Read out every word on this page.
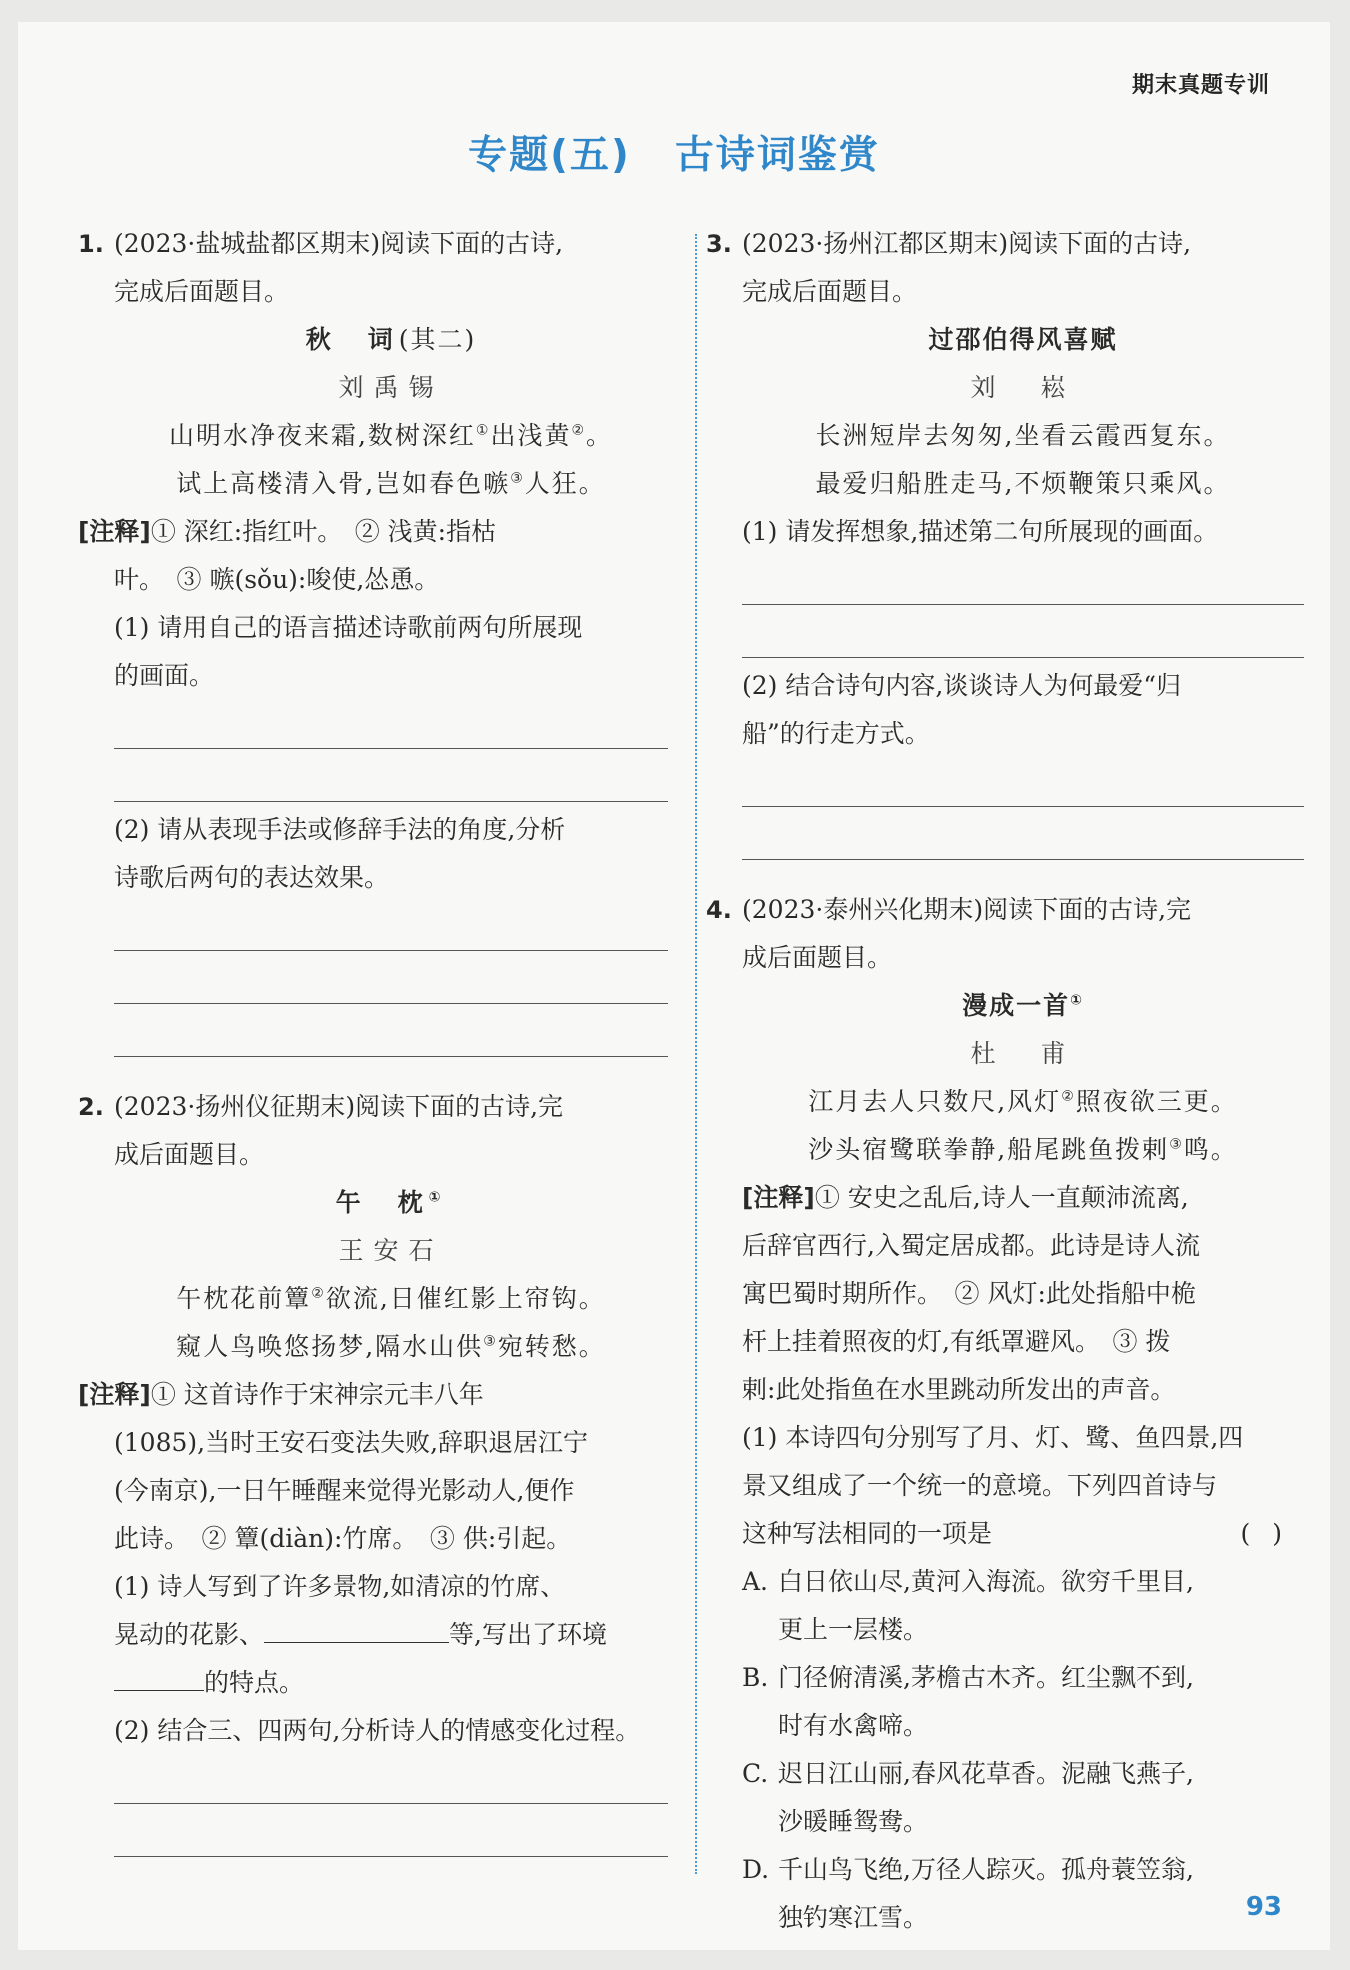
期末真题专训
专题(五) 古诗词鉴赏
1. (2023·盐城盐都区期末)阅读下面的古诗,
完成后面题目。
秋　词(其二)
刘禹锡
山明水净夜来霜,数树深红①出浅黄②。
试上高楼清入骨,岂如春色嗾③人狂。
[注释]① 深红:指红叶。　② 浅黄:指枯
叶。　③ 嗾(sǒu):唆使,怂恿。
(1) 请用自己的语言描述诗歌前两句所展现
的画面。
(2) 请从表现手法或修辞手法的角度,分析
诗歌后两句的表达效果。
2. (2023·扬州仪征期末)阅读下面的古诗,完
成后面题目。
午　枕①
王安石
午枕花前簟②欲流,日催红影上帘钩。
窥人鸟唤悠扬梦,隔水山供③宛转愁。
[注释]① 这首诗作于宋神宗元丰八年
(1085),当时王安石变法失败,辞职退居江宁
(今南京),一日午睡醒来觉得光影动人,便作
此诗。　② 簟(diàn):竹席。　③ 供:引起。
(1) 诗人写到了许多景物,如清凉的竹席、
晃动的花影、	等,写出了环境
的特点。
(2) 结合三、四两句,分析诗人的情感变化过程。
3. (2023·扬州江都区期末)阅读下面的古诗,
完成后面题目。
过邵伯得风喜赋
刘　崧
长洲短岸去匆匆,坐看云霞西复东。
最爱归船胜走马,不烦鞭策只乘风。
(1) 请发挥想象,描述第二句所展现的画面。
(2) 结合诗句内容,谈谈诗人为何最爱“归
船”的行走方式。
4. (2023·泰州兴化期末)阅读下面的古诗,完
成后面题目。
漫成一首①
杜　甫
江月去人只数尺,风灯②照夜欲三更。
沙头宿鹭联拳静,船尾跳鱼拨剌③鸣。
[注释]① 安史之乱后,诗人一直颠沛流离,
后辞官西行,入蜀定居成都。此诗是诗人流
寓巴蜀时期所作。　② 风灯:此处指船中桅
杆上挂着照夜的灯,有纸罩避风。　③ 拨
剌:此处指鱼在水里跳动所发出的声音。
(1) 本诗四句分别写了月、灯、鹭、鱼四景,四
景又组成了一个统一的意境。下列四首诗与
这种写法相同的一项是	()
A. 白日依山尽,黄河入海流。欲穷千里目,
更上一层楼。
B. 门径俯清溪,茅檐古木齐。红尘飘不到,
时有水禽啼。
C. 迟日江山丽,春风花草香。泥融飞燕子,
沙暖睡鸳鸯。
D. 千山鸟飞绝,万径人踪灭。孤舟蓑笠翁,
独钓寒江雪。	93
